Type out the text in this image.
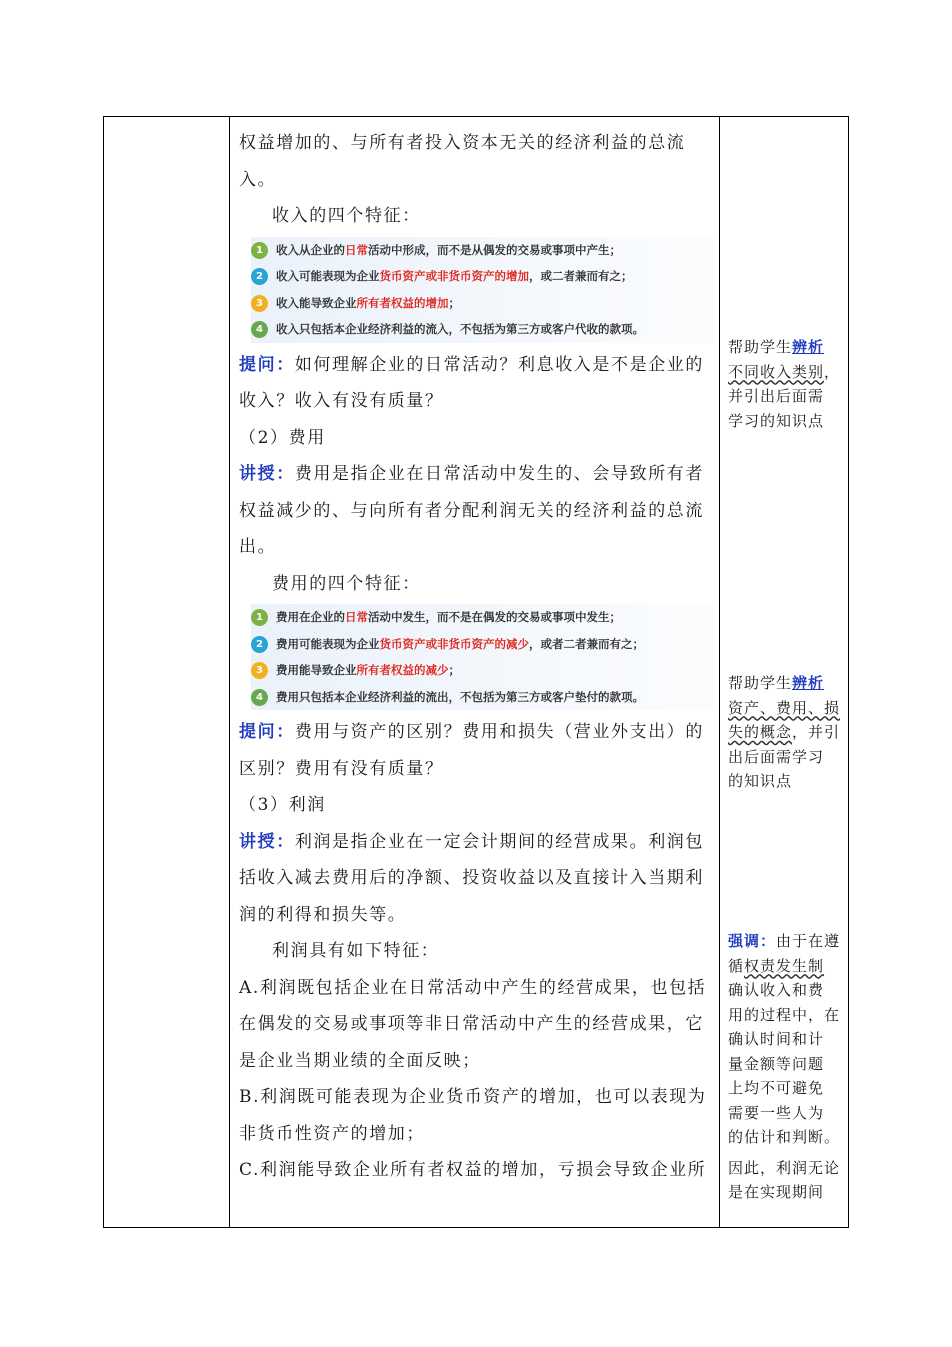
权益增加的、与所有者投入资本无关的经济利益的总流
入。
收入的四个特征：
1 收入从企业的日常活动中形成，而不是从偶发的交易或事项中产生；
2 收入可能表现为企业货币资产或非货币资产的增加，或二者兼而有之；
3 收入能导致企业所有者权益的增加；
4 收入只包括本企业经济利益的流入，不包括为第三方或客户代收的款项。
提问：如何理解企业的日常活动？利息收入是不是企业的
收入？收入有没有质量？
（2）费用
讲授：费用是指企业在日常活动中发生的、会导致所有者
权益减少的、与向所有者分配利润无关的经济利益的总流
出。
费用的四个特征：
1 费用在企业的日常活动中发生，而不是在偶发的交易或事项中发生；
2 费用可能表现为企业货币资产或非货币资产的减少，或者二者兼而有之；
3 费用能导致企业所有者权益的减少；
4 费用只包括本企业经济利益的流出，不包括为第三方或客户垫付的款项。
提问：费用与资产的区别？费用和损失（营业外支出）的
区别？费用有没有质量？
（3）利润
讲授：利润是指企业在一定会计期间的经营成果。利润包
括收入减去费用后的净额、投资收益以及直接计入当期利
润的利得和损失等。
利润具有如下特征：
A.利润既包括企业在日常活动中产生的经营成果，也包括
在偶发的交易或事项等非日常活动中产生的经营成果，它
是企业当期业绩的全面反映；
B.利润既可能表现为企业货币资产的增加，也可以表现为
非货币性资产的增加；
C.利润能导致企业所有者权益的增加，亏损会导致企业所
帮助学生辨析
不同收入类别，
并引出后面需
学习的知识点
帮助学生辨析
资产、费用、损
失的概念，并引
出后面需学习
的知识点
强调：由于在遵
循权责发生制
确认收入和费
用的过程中，在
确认时间和计
量金额等问题
上均不可避免
需要一些人为
的估计和判断。
因此，利润无论
是在实现期间
